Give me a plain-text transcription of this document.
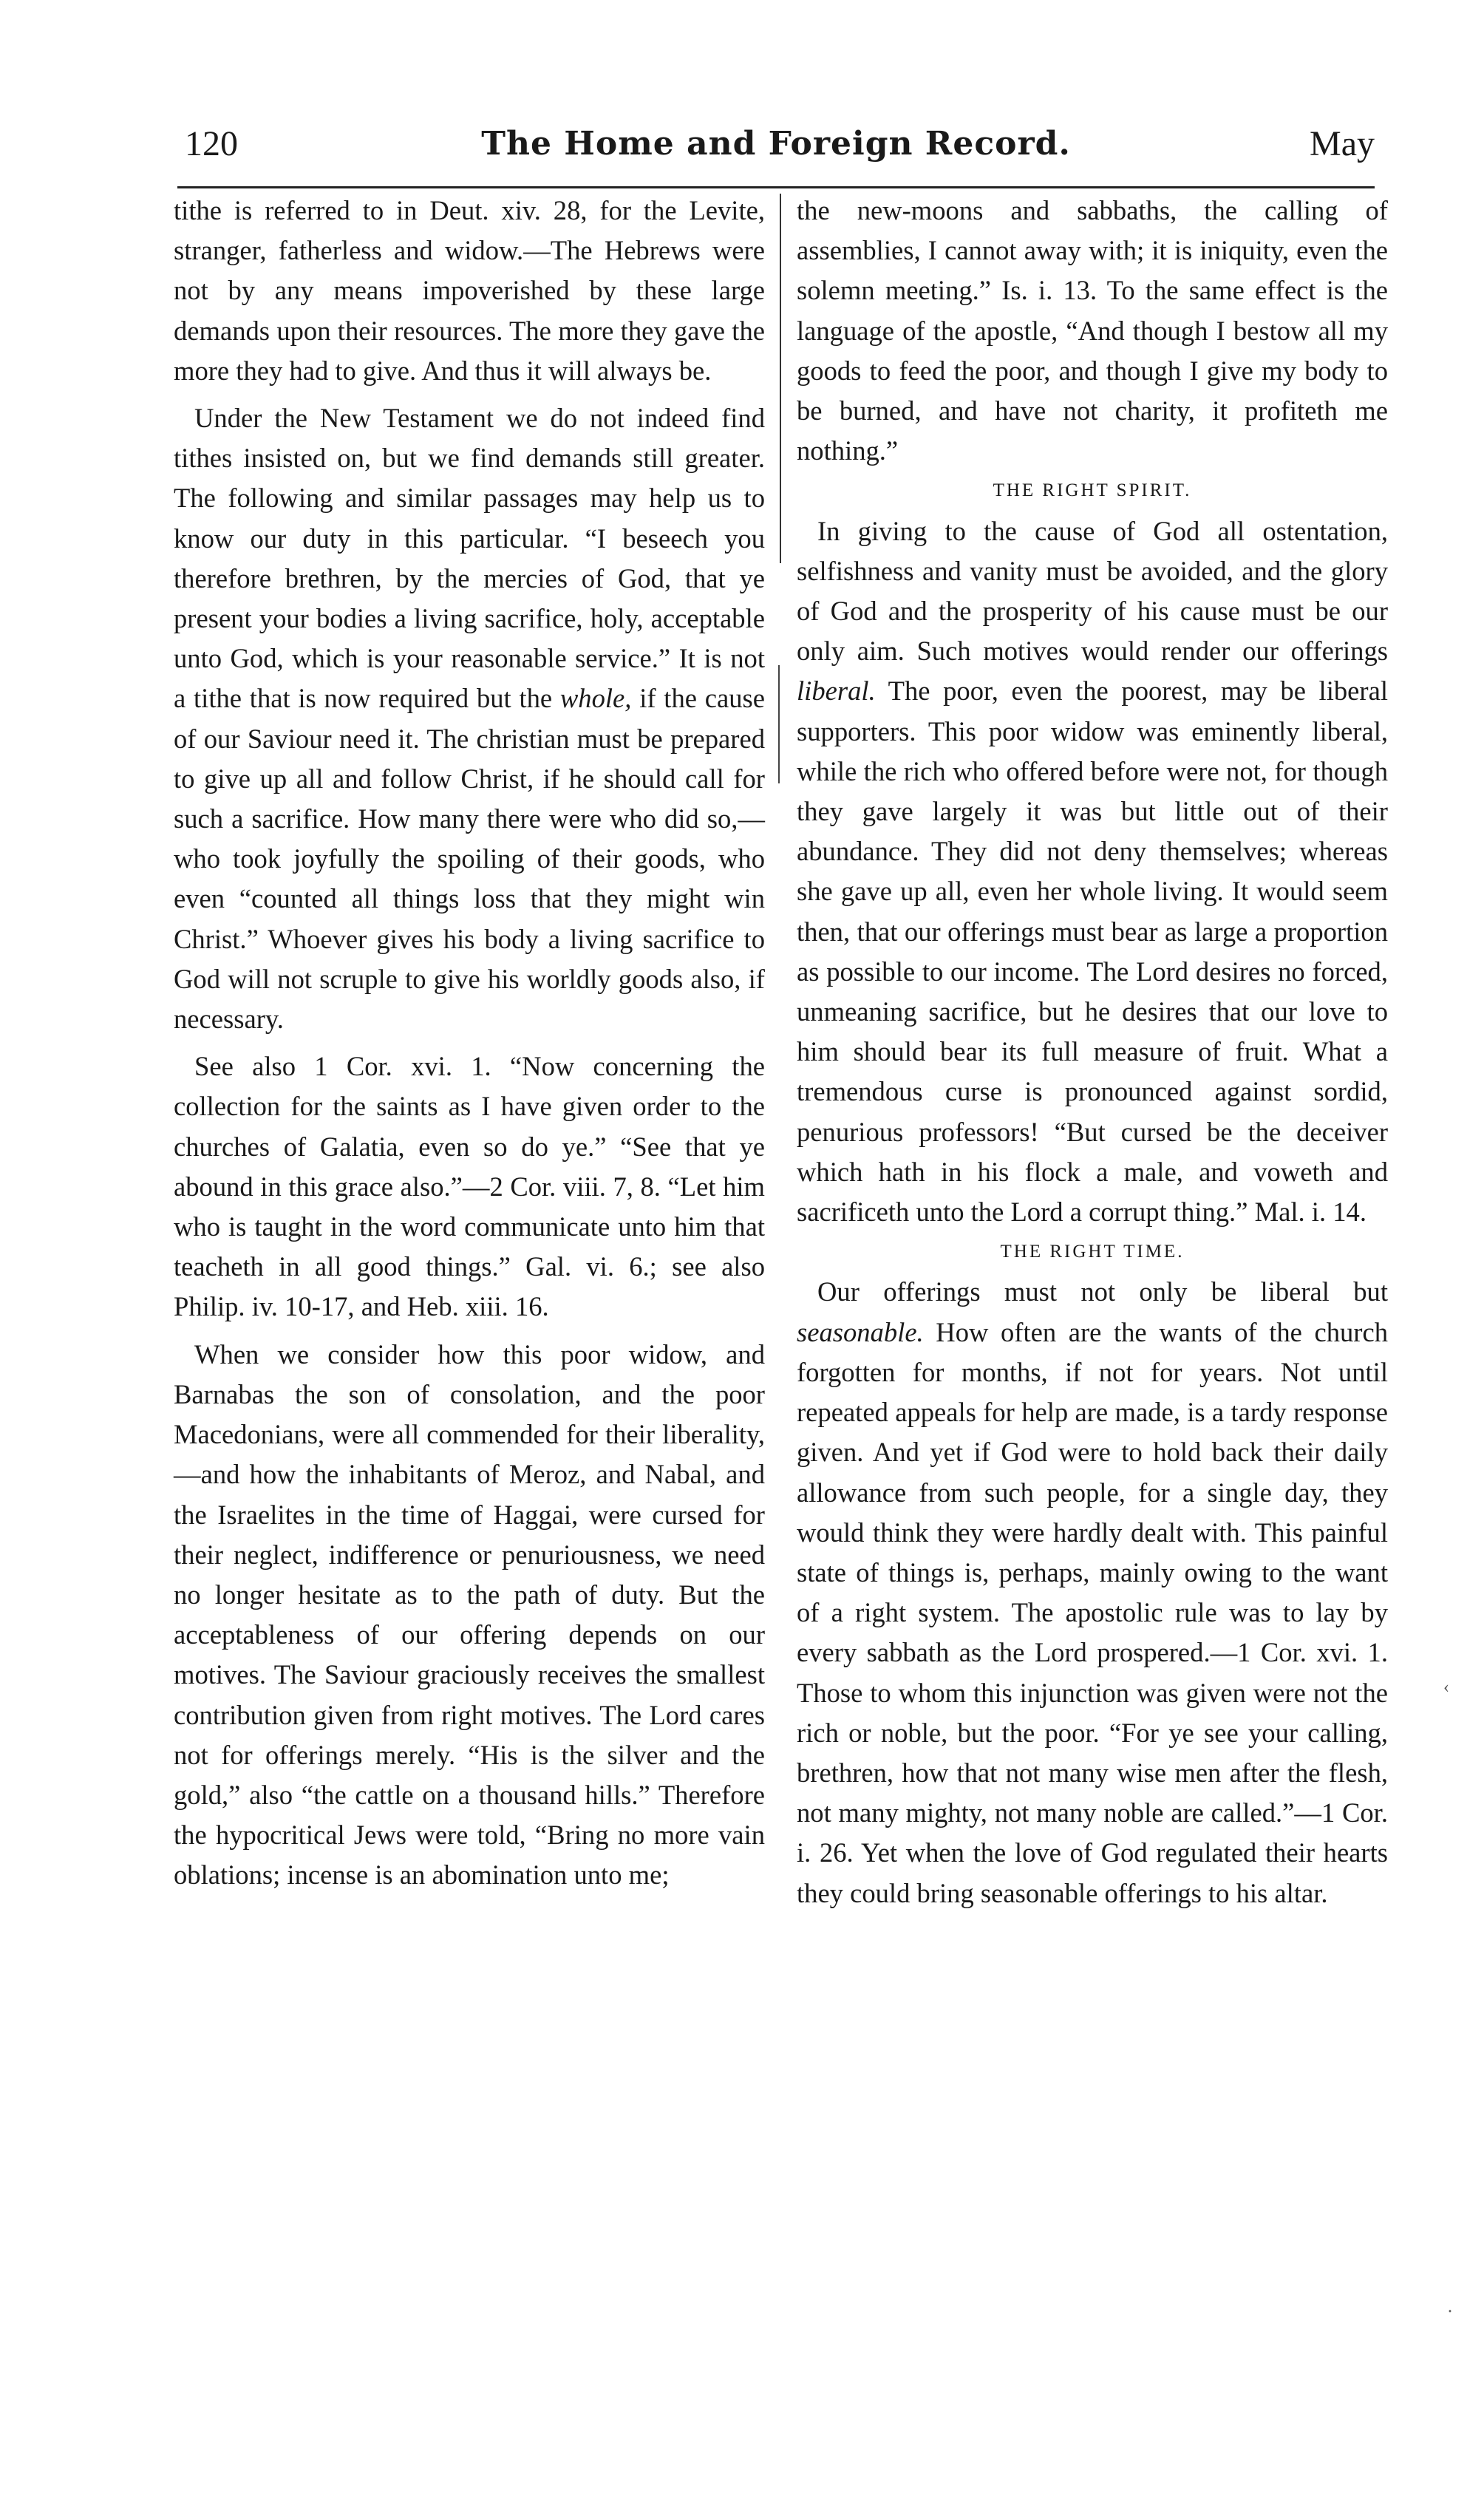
120	The Home and Foreign Record.	May

tithe is referred to in Deut. xiv. 28, for the Levite, stranger, fatherless and widow.—The Hebrews were not by any means impoverished by these large demands upon their resources. The more they gave the more they had to give. And thus it will always be.

Under the New Testament we do not indeed find tithes insisted on, but we find demands still greater. The following and similar passages may help us to know our duty in this particular. “I beseech you therefore brethren, by the mercies of God, that ye present your bodies a living sacrifice, holy, acceptable unto God, which is your reasonable service.” It is not a tithe that is now required but the whole, if the cause of our Saviour need it. The christian must be prepared to give up all and follow Christ, if he should call for such a sacrifice. How many there were who did so,—who took joyfully the spoiling of their goods, who even “counted all things loss that they might win Christ.” Whoever gives his body a living sacrifice to God will not scruple to give his worldly goods also, if necessary.

See also 1 Cor. xvi. 1. “Now concerning the collection for the saints as I have given order to the churches of Galatia, even so do ye.” “See that ye abound in this grace also.”—2 Cor. viii. 7, 8. “Let him who is taught in the word communicate unto him that teacheth in all good things.” Gal. vi. 6.; see also Philip. iv. 10-17, and Heb. xiii. 16.

When we consider how this poor widow, and Barnabas the son of consolation, and the poor Macedonians, were all commended for their liberality,—and how the inhabitants of Meroz, and Nabal, and the Israelites in the time of Haggai, were cursed for their neglect, indifference or penuriousness, we need no longer hesitate as to the path of duty. But the acceptableness of our offering depends on our motives. The Saviour graciously receives the smallest contribution given from right motives. The Lord cares not for offerings merely. “His is the silver and the gold,” also “the cattle on a thousand hills.” Therefore the hypocritical Jews were told, “Bring no more vain oblations; incense is an abomination unto me;

the new-moons and sabbaths, the calling of assemblies, I cannot away with; it is iniquity, even the solemn meeting.” Is. i. 13. To the same effect is the language of the apostle, “And though I bestow all my goods to feed the poor, and though I give my body to be burned, and have not charity, it profiteth me nothing.”

THE RIGHT SPIRIT.

In giving to the cause of God all ostentation, selfishness and vanity must be avoided, and the glory of God and the prosperity of his cause must be our only aim. Such motives would render our offerings liberal. The poor, even the poorest, may be liberal supporters. This poor widow was eminently liberal, while the rich who offered before were not, for though they gave largely it was but little out of their abundance. They did not deny themselves; whereas she gave up all, even her whole living. It would seem then, that our offerings must bear as large a proportion as possible to our income. The Lord desires no forced, unmeaning sacrifice, but he desires that our love to him should bear its full measure of fruit. What a tremendous curse is pronounced against sordid, penurious professors! “But cursed be the deceiver which hath in his flock a male, and voweth and sacrificeth unto the Lord a corrupt thing.” Mal. i. 14.

THE RIGHT TIME.

Our offerings must not only be liberal but seasonable. How often are the wants of the church forgotten for months, if not for years. Not until repeated appeals for help are made, is a tardy response given. And yet if God were to hold back their daily allowance from such people, for a single day, they would think they were hardly dealt with. This painful state of things is, perhaps, mainly owing to the want of a right system. The apostolic rule was to lay by every sabbath as the Lord prospered.—1 Cor. xvi. 1. Those to whom this injunction was given were not the rich or noble, but the poor. “For ye see your calling, brethren, how that not many wise men after the flesh, not many mighty, not many noble are called.”—1 Cor. i. 26. Yet when the love of God regulated their hearts they could bring seasonable offerings to his altar.

‹
·
